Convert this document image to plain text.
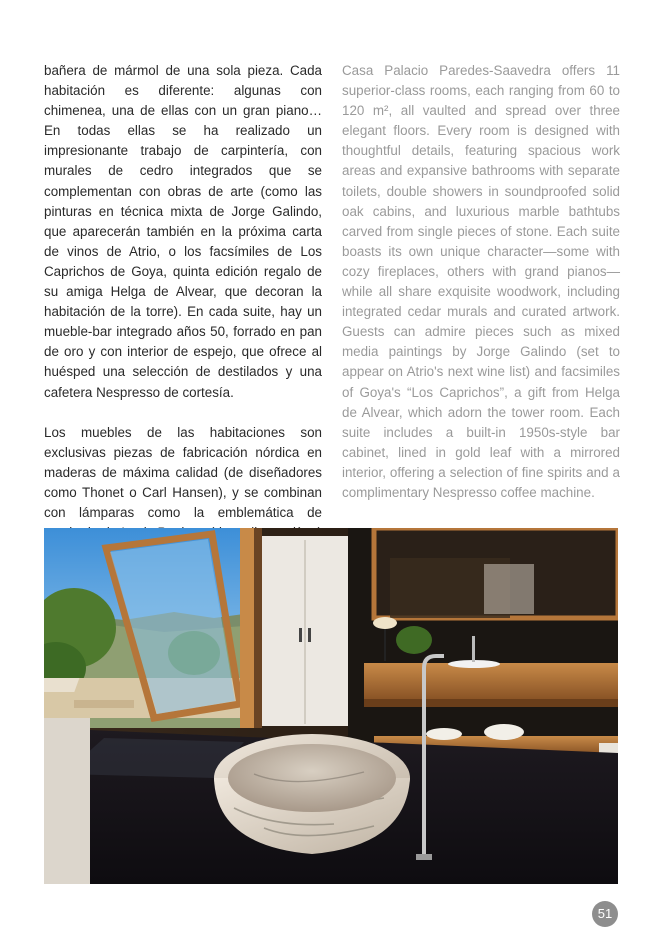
bañera de mármol de una sola pieza. Cada habitación es diferente: algunas con chimenea, una de ellas con un gran piano… En todas ellas se ha realizado un impresionante trabajo de carpintería, con murales de cedro integrados que se complementan con obras de arte (como las pinturas en técnica mixta de Jorge Galindo, que aparecerán también en la próxima carta de vinos de Atrio, o los facsímiles de Los Caprichos de Goya, quinta edición regalo de su amiga Helga de Alvear, que decoran la habitación de la torre). En cada suite, hay un mueble-bar integrado años 50, forrado en pan de oro y con interior de espejo, que ofrece al huésped una selección de destilados y una cafetera Nespresso de cortesía.

Los muebles de las habitaciones son exclusivas piezas de fabricación nórdica en maderas de máxima calidad (de diseñadores como Thonet o Carl Hansen), y se combinan con lámparas como la emblemática de

Casa Palacio Paredes-Saavedra offers 11 superior-class rooms, each ranging from 60 to 120 m², all vaulted and spread over three elegant floors. Every room is designed with thoughtful details, featuring spacious work areas and expansive bathrooms with separate toilets, double showers in soundproofed solid oak cabins, and luxurious marble bathtubs carved from single pieces of stone. Each suite boasts its own unique character—some with cozy fireplaces, others with grand pianos—while all share exquisite woodwork, including integrated cedar murals and curated artwork. Guests can admire pieces such as mixed media paintings by Jorge Galindo (set to appear on Atrio's next wine list) and facsimiles of Goya's “Los Caprichos”, a gift from Helga de Alvear, which adorn the tower room. Each suite includes a built-in 1950s-style bar cabinet, lined in gold leaf with a mirrored interior, offering a selection of fine spirits and a complimentary Nespresso coffee machine.

51
